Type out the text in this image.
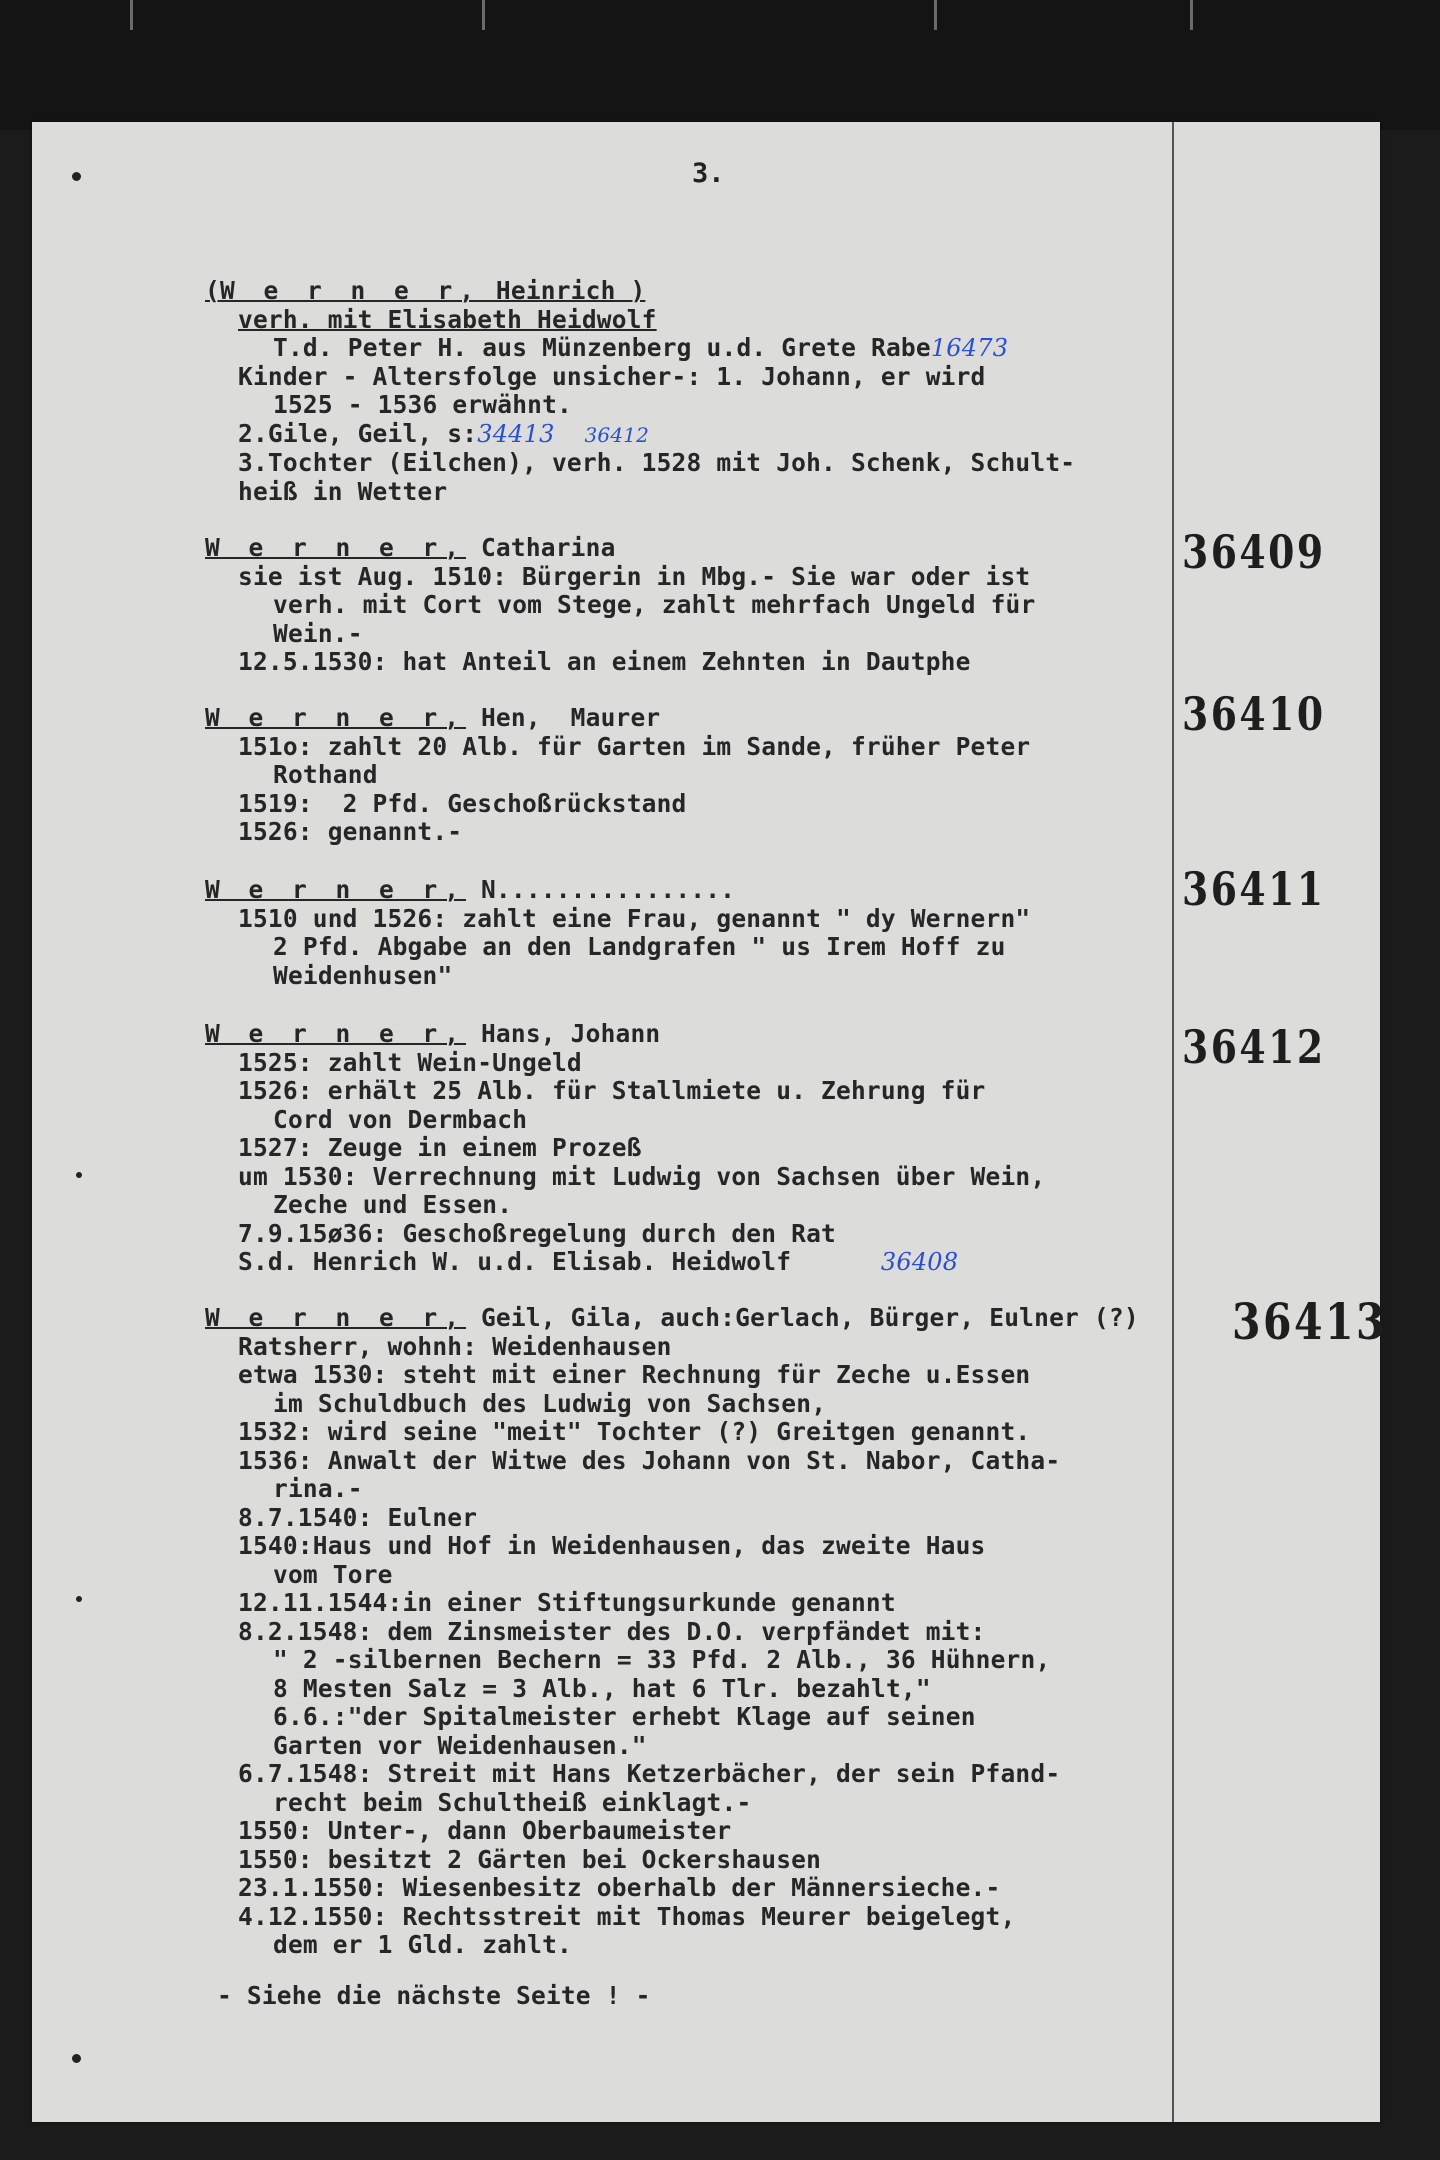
3.
(W e r n e r, Heinrich )
verh. mit Elisabeth Heidwolf
T.d. Peter H. aus Münzenberg u.d. Grete Rabe16473
Kinder - Altersfolge unsicher-: 1. Johann, er wird
1525 - 1536 erwähnt.
2.Gile, Geil, s:34413 36412
3.Tochter (Eilchen), verh. 1528 mit Joh. Schenk, Schult-
heiß in Wetter
36409
W e r n e r, Catharina
sie ist Aug. 1510: Bürgerin in Mbg.- Sie war oder ist
verh. mit Cort vom Stege, zahlt mehrfach Ungeld für
Wein.-
12.5.1530: hat Anteil an einem Zehnten in Dautphe
36410
W e r n e r, Hen,  Maurer
151o: zahlt 20 Alb. für Garten im Sande, früher Peter
Rothand
1519:  2 Pfd. Geschoßrückstand
1526: genannt.-
36411
W e r n e r, N................
1510 und 1526: zahlt eine Frau, genannt " dy Wernern"
2 Pfd. Abgabe an den Landgrafen " us Irem Hoff zu
Weidenhusen"
36412
W e r n e r, Hans, Johann
1525: zahlt Wein-Ungeld
1526: erhält 25 Alb. für Stallmiete u. Zehrung für
Cord von Dermbach
1527: Zeuge in einem Prozeß
um 1530: Verrechnung mit Ludwig von Sachsen über Wein,
Zeche und Essen.
7.9.15ø36: Geschoßregelung durch den Rat
S.d. Henrich W. u.d. Elisab. Heidwolf	36408
36413
W e r n e r, Geil, Gila, auch:Gerlach, Bürger, Eulner (?)
Ratsherr, wohnh: Weidenhausen
etwa 1530: steht mit einer Rechnung für Zeche u.Essen
im Schuldbuch des Ludwig von Sachsen,
1532: wird seine "meit" Tochter (?) Greitgen genannt.
1536: Anwalt der Witwe des Johann von St. Nabor, Catha-
rina.-
8.7.1540: Eulner
1540:Haus und Hof in Weidenhausen, das zweite Haus
vom Tore
12.11.1544:in einer Stiftungsurkunde genannt
8.2.1548: dem Zinsmeister des D.O. verpfändet mit:
" 2 -silbernen Bechern = 33 Pfd. 2 Alb., 36 Hühnern,
8 Mesten Salz = 3 Alb., hat 6 Tlr. bezahlt,"
6.6.:"der Spitalmeister erhebt Klage auf seinen
Garten vor Weidenhausen."
6.7.1548: Streit mit Hans Ketzerbächer, der sein Pfand-
recht beim Schultheiß einklagt.-
1550: Unter-, dann Oberbaumeister
1550: besitzt 2 Gärten bei Ockershausen
23.1.1550: Wiesenbesitz oberhalb der Männersieche.-
4.12.1550: Rechtsstreit mit Thomas Meurer beigelegt,
dem er 1 Gld. zahlt.
- Siehe die nächste Seite ! -
